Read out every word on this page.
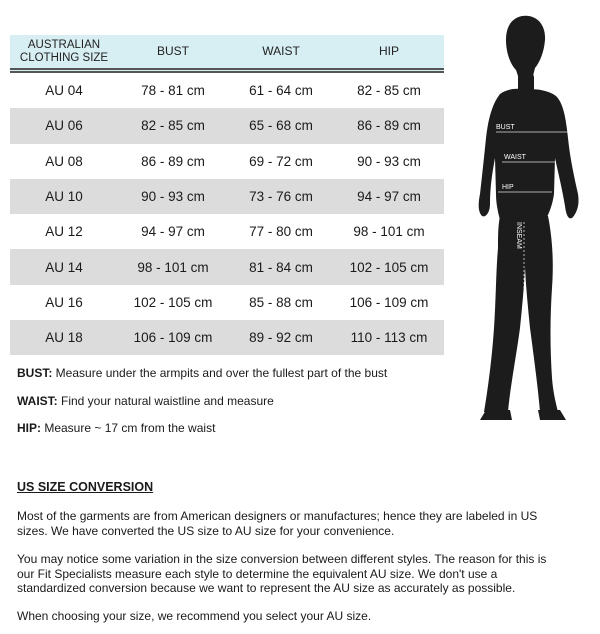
AUSTRALIAN
CLOTHING SIZE	BUST	WAIST	HIP

AU 04	78 - 81 cm	61 - 64 cm	82 - 85 cm
AU 06	82 - 85 cm	65 - 68 cm	86 - 89 cm
AU 08	86 - 89 cm	69 - 72 cm	90 - 93 cm
AU 10	90 - 93 cm	73 - 76 cm	94 - 97 cm
AU 12	94 - 97 cm	77 - 80 cm	98 - 101 cm
AU 14	98 - 101 cm	81 - 84 cm	102 - 105 cm
AU 16	102 - 105 cm	85 - 88 cm	106 - 109 cm
AU 18	106 - 109 cm	89 - 92 cm	110 - 113 cm

BUST: Measure under the armpits and over the fullest part of the bust

WAIST: Find your natural waistline and measure

HIP: Measure ~ 17 cm from the waist

US SIZE CONVERSION

Most of the garments are from American designers or manufactures; hence they are labeled in US sizes. We have converted the US size to AU size for your convenience.

You may notice some variation in the size conversion between different styles. The reason for this is our Fit Specialists measure each style to determine the equivalent AU size. We don't use a standardized conversion because we want to represent the AU size as accurately as possible.

When choosing your size, we recommend you select your AU size.

BUST
WAIST
HIP
INSEAM
